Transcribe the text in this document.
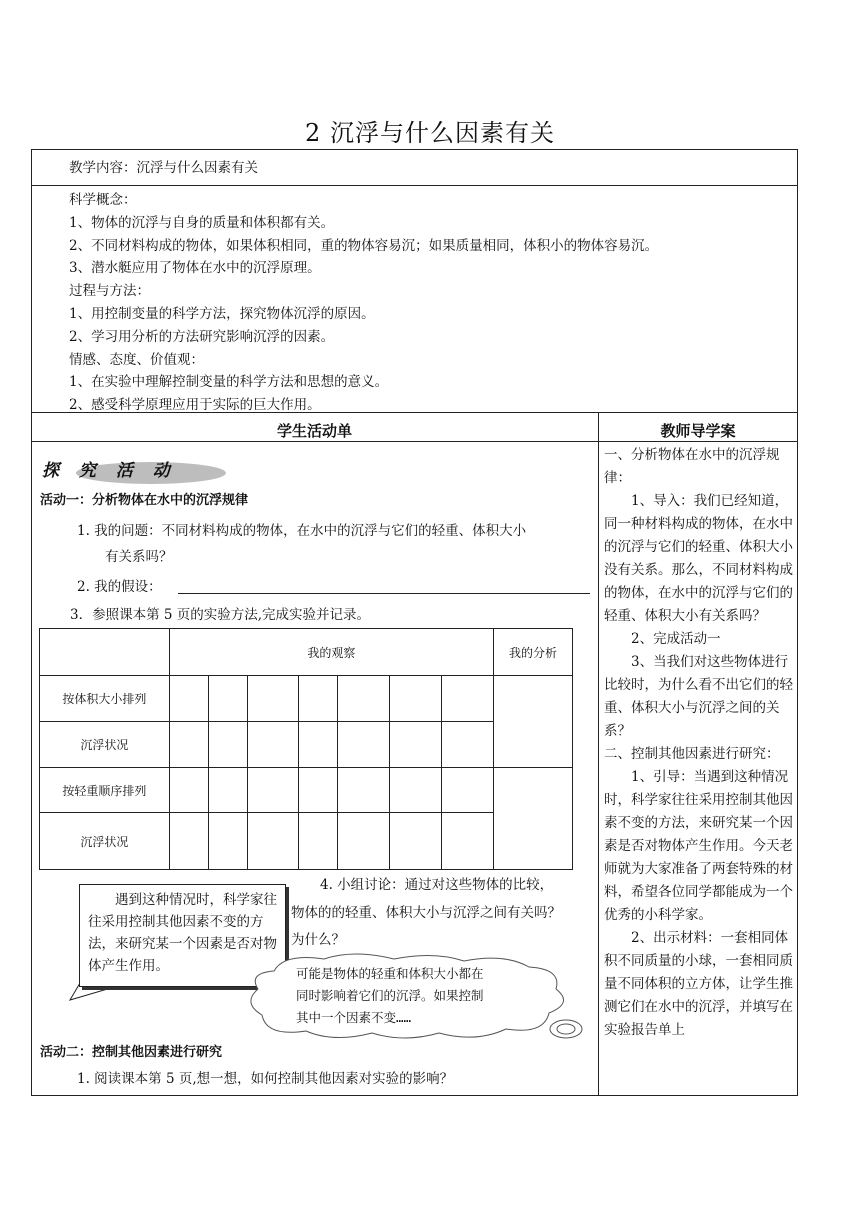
2 沉浮与什么因素有关
教学内容：沉浮与什么因素有关
科学概念：
1、物体的沉浮与自身的质量和体积都有关。
2、不同材料构成的物体，如果体积相同，重的物体容易沉；如果质量相同，体积小的物体容易沉。
3、潜水艇应用了物体在水中的沉浮原理。
过程与方法：
1、用控制变量的科学方法，探究物体沉浮的原因。
2、学习用分析的方法研究影响沉浮的因素。
情感、态度、价值观：
1、在实验中理解控制变量的科学方法和思想的意义。
2、感受科学原理应用于实际的巨大作用。
学生活动单	教师导学案
探 究 活 动
活动一：分析物体在水中的沉浮规律
1. 我的问题：不同材料构成的物体，在水中的沉浮与它们的轻重、体积大小
有关系吗？
2. 我的假设：
3．参照课本第 5 页的实验方法,完成实验并记录。
	我的观察							我的分析
按体积大小排列								
沉浮状况								
按轻重顺序排列								
沉浮状况								
4. 小组讨论：通过对这些物体的比较，
物体的的轻重、体积大小与沉浮之间有关吗？
为什么？

遇到这种情况时，科学家往往采用控制其他因素不变的方法，来研究某一个因素是否对物体产生作用。	可能是物体的轻重和体积大小都在
同时影响着它们的沉浮。如果控制
其中一个因素不变……
活动二：控制其他因素进行研究
1. 阅读课本第 5 页,想一想，如何控制其他因素对实验的影响？

一、分析物体在水中的沉浮规律：

1、导入：我们已经知道，同一种材料构成的物体，在水中的沉浮与它们的轻重、体积大小没有关系。那么，不同材料构成的物体，在水中的沉浮与它们的轻重、体积大小有关系吗？

2、完成活动一

3、当我们对这些物体进行比较时，为什么看不出它们的轻重、体积大小与沉浮之间的关系？

二、控制其他因素进行研究：

1、引导：当遇到这种情况时，科学家往往采用控制其他因素不变的方法，来研究某一个因素是否对物体产生作用。今天老师就为大家准备了两套特殊的材料，希望各位同学都能成为一个优秀的小科学家。

2、出示材料：一套相同体积不同质量的小球，一套相同质量不同体积的立方体，让学生推测它们在水中的沉浮，并填写在实验报告单上
